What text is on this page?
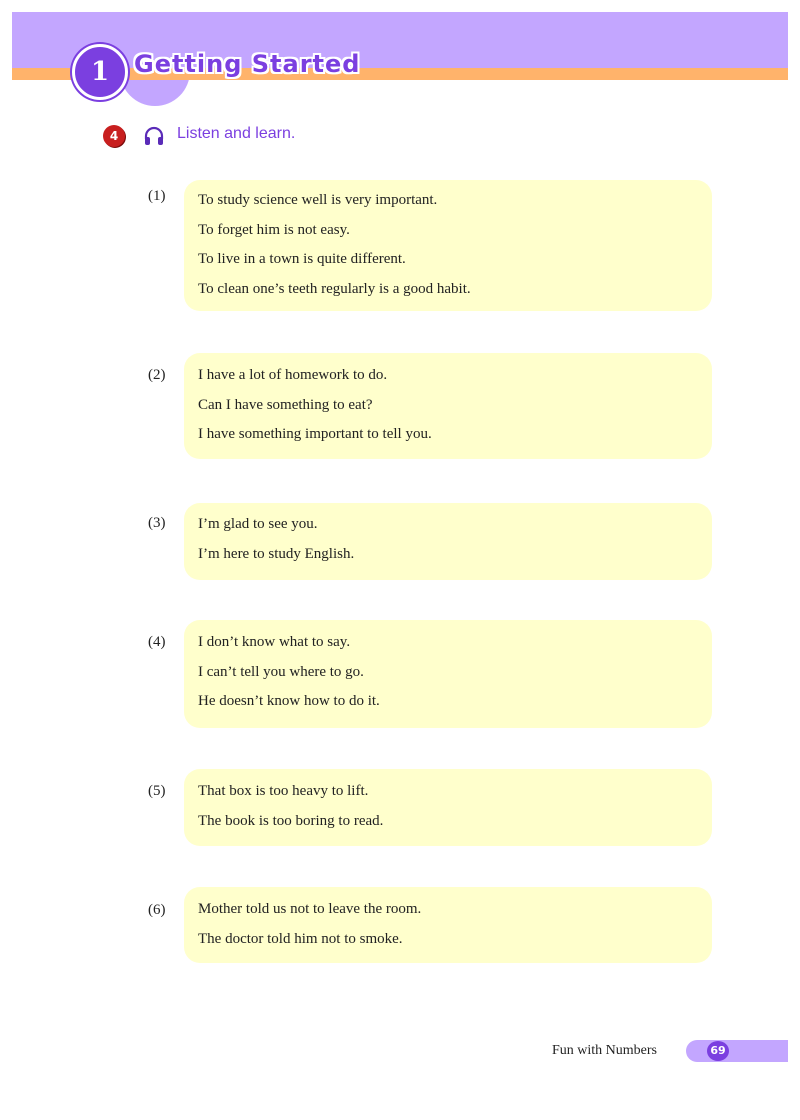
1	Getting Started
4	Listen and learn.
(1) To study science well is very important.
To forget him is not easy.
To live in a town is quite different.
To clean one’s teeth regularly is a good habit.
(2) I have a lot of homework to do.
Can I have something to eat?
I have something important to tell you.
(3) I’m glad to see you.
I’m here to study English.
(4) I don’t know what to say.
I can’t tell you where to go.
He doesn’t know how to do it.
(5) That box is too heavy to lift.
The book is too boring to read.
(6) Mother told us not to leave the room.
The doctor told him not to smoke.
Fun with Numbers	69
